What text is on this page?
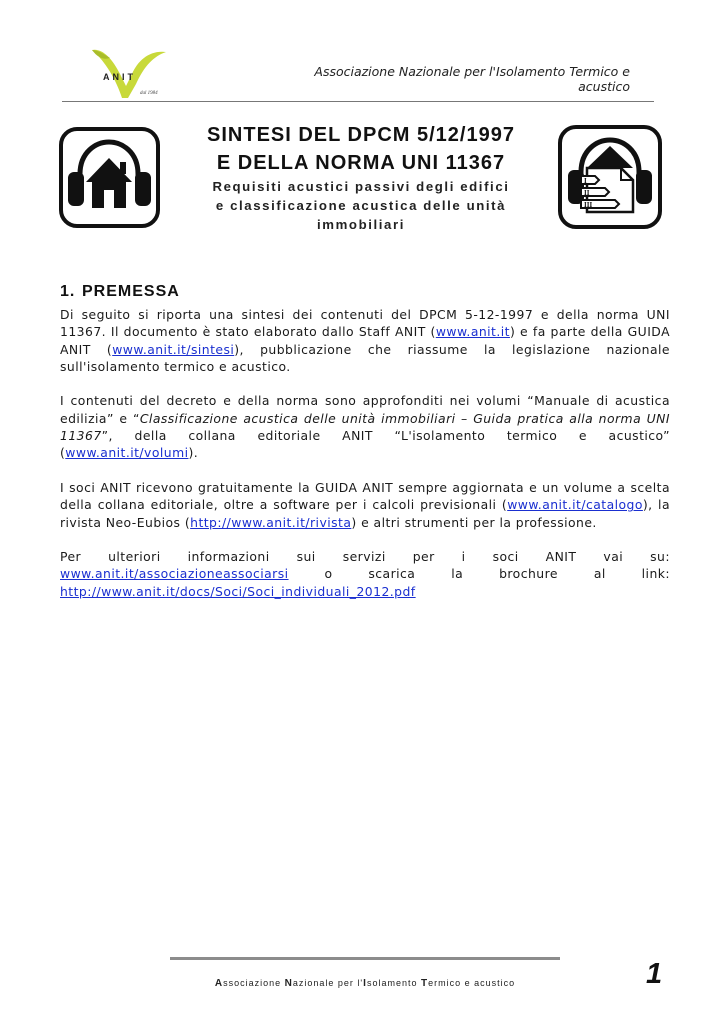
ANIT
dal 1984
Associazione Nazionale per l'Isolamento Termico e acustico
SINTESI DEL DPCM 5/12/1997
E DELLA NORMA UNI 11367
Requisiti acustici passivi degli edifici
e classificazione acustica delle unità
immobiliari
I
II
III
1. PREMESSA

Di seguito si riporta una sintesi dei contenuti del DPCM 5-12-1997 e della norma UNI 11367. Il documento è stato elaborato dallo Staff ANIT (www.anit.it) e fa parte della GUIDA ANIT (www.anit.it/sintesi), pubblicazione che riassume la legislazione nazionale sull'isolamento termico e acustico.

I contenuti del decreto e della norma sono approfonditi nei volumi “Manuale di acustica edilizia” e “Classificazione acustica delle unità immobiliari – Guida pratica alla norma UNI 11367”, della collana editoriale ANIT “L'isolamento termico e acustico” (www.anit.it/volumi).

I soci ANIT ricevono gratuitamente la GUIDA ANIT sempre aggiornata e un volume a scelta della collana editoriale, oltre a software per i calcoli previsionali (www.anit.it/catalogo), la rivista Neo-Eubios (http://www.anit.it/rivista) e altri strumenti per la professione.

Per ulteriori informazioni sui servizi per i soci ANIT vai su: www.anit.it/associazioneassociarsi o scarica la brochure al link: http://www.anit.it/docs/Soci/Soci_individuali_2012.pdf

Associazione Nazionale per l'Isolamento Termico e acustico	1
